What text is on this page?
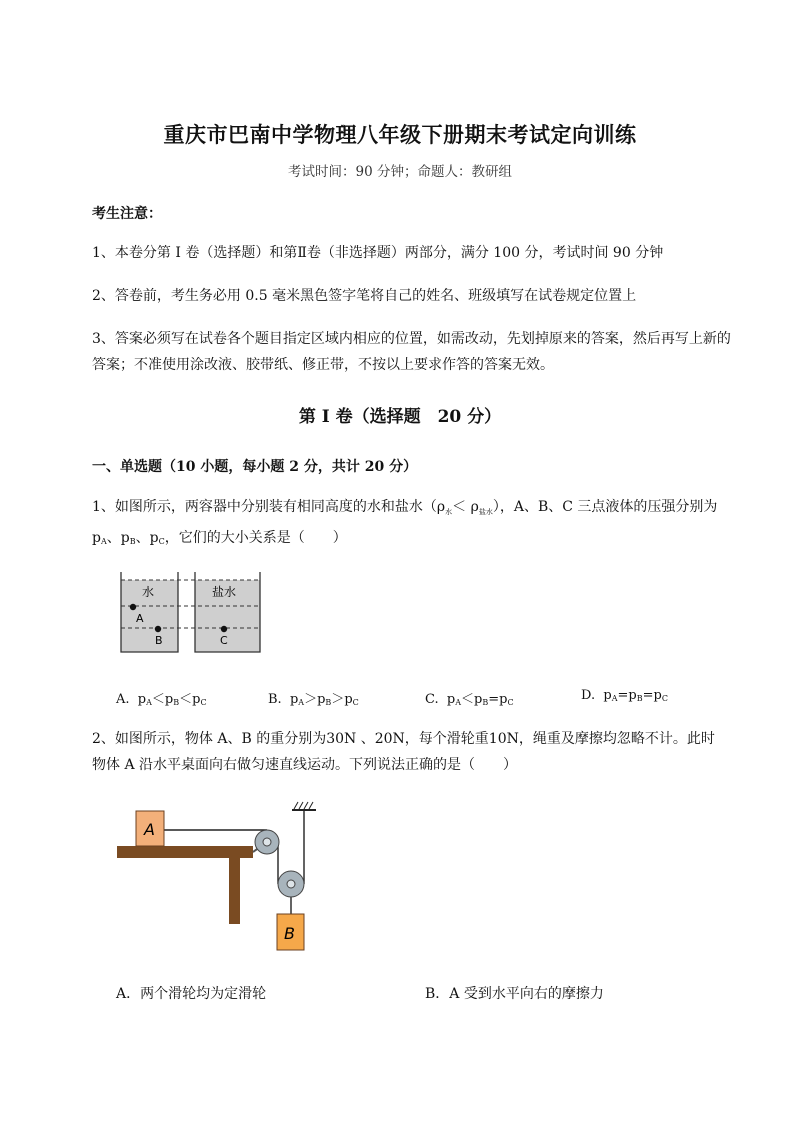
重庆市巴南中学物理八年级下册期末考试定向训练
考试时间：90 分钟；命题人：教研组
考生注意：
1、本卷分第 I 卷（选择题）和第Ⅱ卷（非选择题）两部分，满分 100 分，考试时间 90 分钟
2、答卷前，考生务必用 0.5 毫米黑色签字笔将自己的姓名、班级填写在试卷规定位置上
3、答案必须写在试卷各个题目指定区域内相应的位置，如需改动，先划掉原来的答案，然后再写上新的答案；不准使用涂改液、胶带纸、修正带，不按以上要求作答的答案无效。
第 I 卷（选择题　20 分）
一、单选题（10 小题，每小题 2 分，共计 20 分）
1、如图所示，两容器中分别装有相同高度的水和盐水$(\rho_水< \rho_{盐水})$，A、B、C 三点液体的压强分别为
$p_A$、$p_B$、$p_C$，它们的大小关系是（　　）
水	盐水
A
B	C
A. $p_A<p_B<p_C$	B. $p_A>p_B>p_C$	C. $p_A<p_B=p_C$	D. $p_A=p_B=p_C$
2、如图所示，物体 A、B 的重分别为30N 、20N，每个滑轮重10N，绳重及摩擦均忽略不计。此时
物体 A 沿水平桌面向右做匀速直线运动。下列说法正确的是（　　）
A
B
A．两个滑轮均为定滑轮	B．A 受到水平向右的摩擦力
